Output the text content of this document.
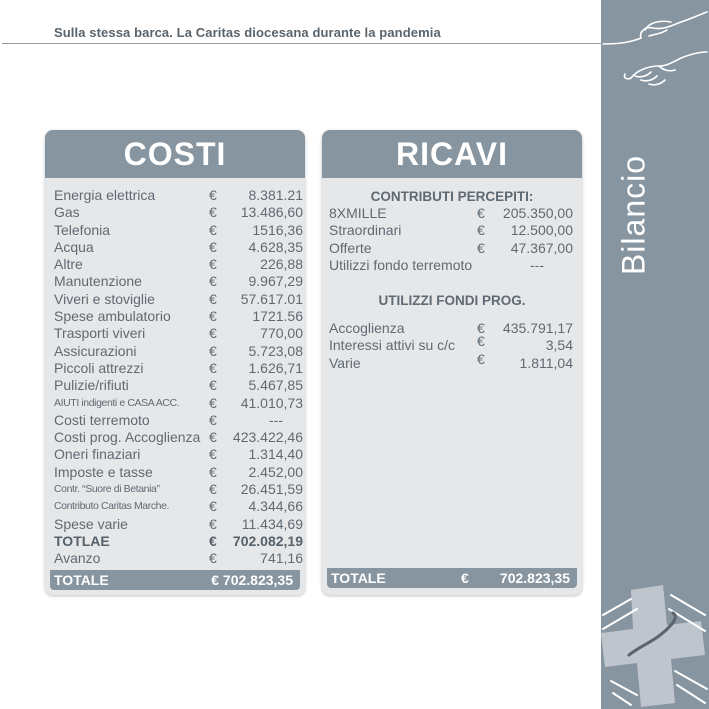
Sulla stessa barca. La Caritas diocesana durante la pandemia
Bilancio
COSTI
Energia elettrica	€ 8.381.21
Gas	€ 13.486,60
Telefonia	€	1516,36
Acqua	€ 4.628,35
Altre	€	226,88
Manutenzione	€ 9.967,29
Viveri e stoviglie	€ 57.617.01
Spese ambulatorio	€	1721.56
Trasporti viveri	€	770,00
Assicurazioni	€ 5.723,08
Piccoli attrezzi	€ 1.626,71
Pulizie/rifiuti	€ 5.467,85
AIUTI indigenti e CASA ACC. € 41.010,73
Costi terremoto	€	---
Costi prog. Accoglienza € 423.422,46
Oneri finaziari	€ 1.314,40
Imposte e tasse	€ 2.452,00
Contr. “Suore di Betania”	€ 26.451,59
Contributo Caritas Marche.	€ 4.344,66
Spese varie	€ 11.434,69
TOTLAE	€ 702.082,19
Avanzo	€	741,16
TOTALE	€ 702.823,35
RICAVI
CONTRIBUTI PERCEPITI:
8XMILLE	€ 205.350,00
Straordinari	€ 12.500,00
Offerte	€ 47.367,00
Utilizzi fondo terremoto	---
UTILIZZI FONDI PROG.
Accoglienza	€ 435.791,17
Interessi attivi su c/c €	3,54
Varie	€ 1.811,04
TOTALE	€ 702.823,35
